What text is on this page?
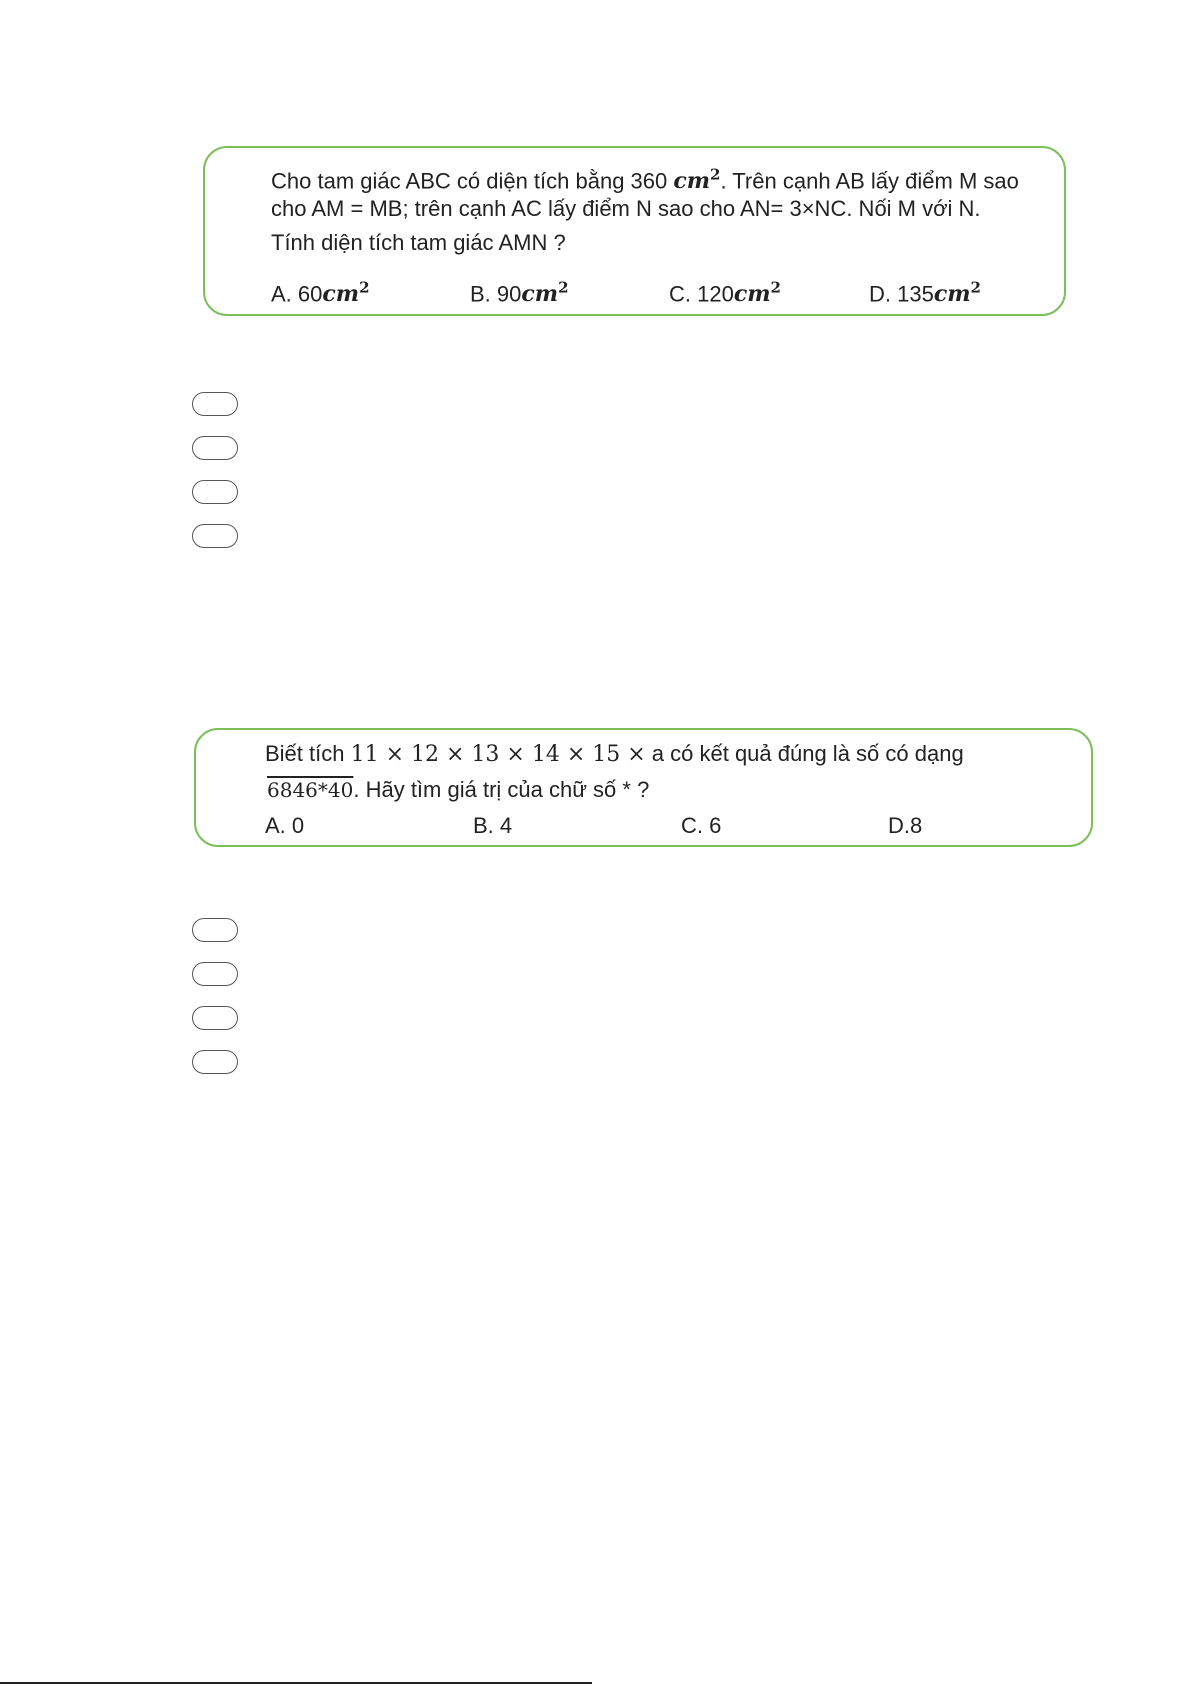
Cho tam giác ABC có diện tích bằng 360 $cm^2$. Trên cạnh AB lấy điểm M sao
cho AM = MB; trên cạnh AC lấy điểm N sao cho AN= 3×NC. Nối M với N.
Tính diện tích tam giác AMN ?
A. $60cm^2$	B. $90cm^2$	C. $120cm^2$	D. $135cm^2$
Biết tích 11 × 12 × 13 × 14 × 15 × a có kết quả đúng là số có dạng
6846*40. Hãy tìm giá trị của chữ số * ?
A. 0	B. 4	C. 6	D.8
